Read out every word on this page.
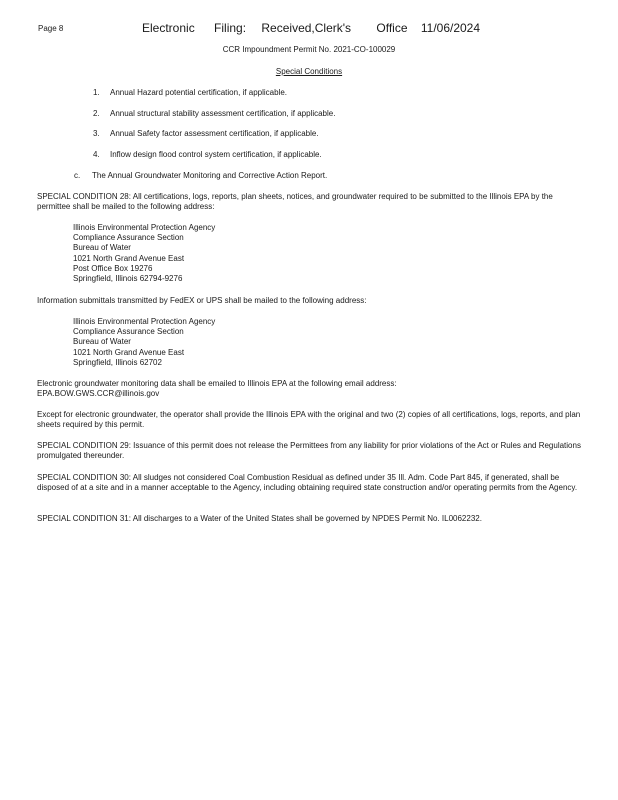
Page 8	Electronic Filing: Received,Clerk's Office 11/06/2024
CCR Impoundment Permit No. 2021-CO-100029
Special Conditions
1. Annual Hazard potential certification, if applicable.
2. Annual structural stability assessment certification, if applicable.
3. Annual Safety factor assessment certification, if applicable.
4. Inflow design flood control system certification, if applicable.
c. The Annual Groundwater Monitoring and Corrective Action Report.
SPECIAL CONDITION 28: All certifications, logs, reports, plan sheets, notices, and groundwater required to be submitted to the Illinois EPA by the permittee shall be mailed to the following address:
Illinois Environmental Protection Agency
Compliance Assurance Section
Bureau of Water
1021 North Grand Avenue East
Post Office Box 19276
Springfield, Illinois 62794-9276
Information submittals transmitted by FedEX or UPS shall be mailed to the following address:
Illinois Environmental Protection Agency
Compliance Assurance Section
Bureau of Water
1021 North Grand Avenue East
Springfield, Illinois 62702
Electronic groundwater monitoring data shall be emailed to Illinois EPA at the following email address:
EPA.BOW.GWS.CCR@illinois.gov
Except for electronic groundwater, the operator shall provide the Illinois EPA with the original and two (2) copies of all certifications, logs, reports, and plan sheets required by this permit.
SPECIAL CONDITION 29: Issuance of this permit does not release the Permittees from any liability for prior violations of the Act or Rules and Regulations promulgated thereunder.
SPECIAL CONDITION 30: All sludges not considered Coal Combustion Residual as defined under 35 Ill. Adm. Code Part 845, if generated, shall be disposed of at a site and in a manner acceptable to the Agency, including obtaining required state construction and/or operating permits from the Agency.
SPECIAL CONDITION 31: All discharges to a Water of the United States shall be governed by NPDES Permit No. IL0062232.
